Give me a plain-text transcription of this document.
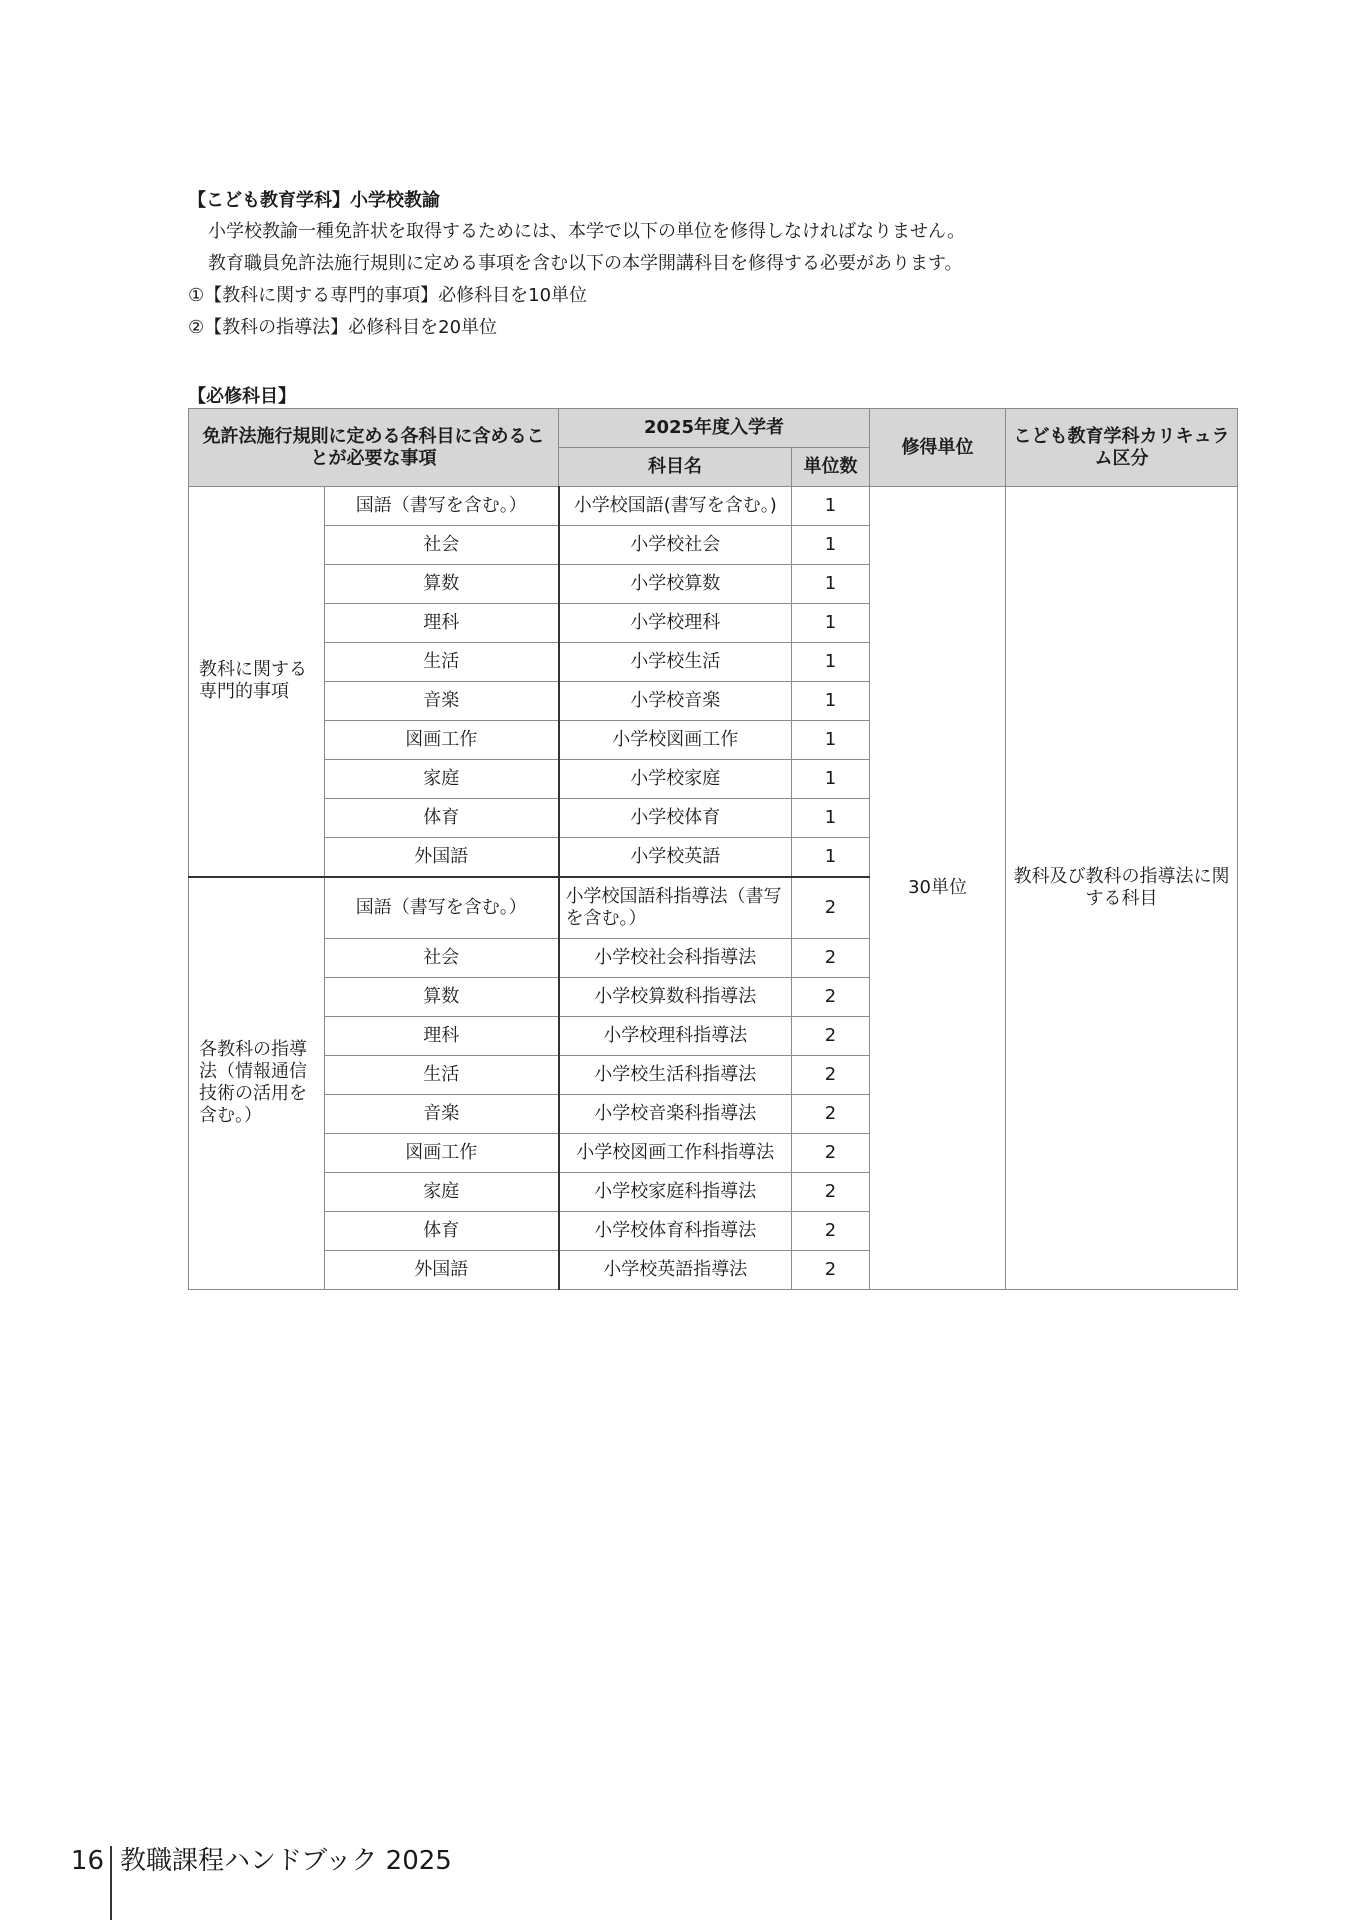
【こども教育学科】小学校教諭

小学校教諭一種免許状を取得するためには、本学で以下の単位を修得しなければなりません。

教育職員免許法施行規則に定める事項を含む以下の本学開講科目を修得する必要があります。

①【教科に関する専門的事項】必修科目を10単位

②【教科の指導法】必修科目を20単位

【必修科目】

免許法施行規則に定める各科目に含めることが必要な事項		2025年度入学者		修得単位	こども教育学科カリキュラム区分
		科目名	単位数		
教科に関する専門的事項	国語（書写を含む。）	小学校国語(書写を含む。)	1	30単位	教科及び教科の指導法に関する科目
	社会	小学校社会	1		
	算数	小学校算数	1		
	理科	小学校理科	1		
	生活	小学校生活	1		
	音楽	小学校音楽	1		
	図画工作	小学校図画工作	1		
	家庭	小学校家庭	1		
	体育	小学校体育	1		
	外国語	小学校英語	1		
各教科の指導法（情報通信技術の活用を含む。）	国語（書写を含む。）	小学校国語科指導法（書写を含む。）	2		
	社会	小学校社会科指導法	2		
	算数	小学校算数科指導法	2		
	理科	小学校理科指導法	2		
	生活	小学校生活科指導法	2		
	音楽	小学校音楽科指導法	2		
	図画工作	小学校図画工作科指導法	2		
	家庭	小学校家庭科指導法	2		
	体育	小学校体育科指導法	2		
	外国語	小学校英語指導法	2		
16 教職課程ハンドブック 2025
